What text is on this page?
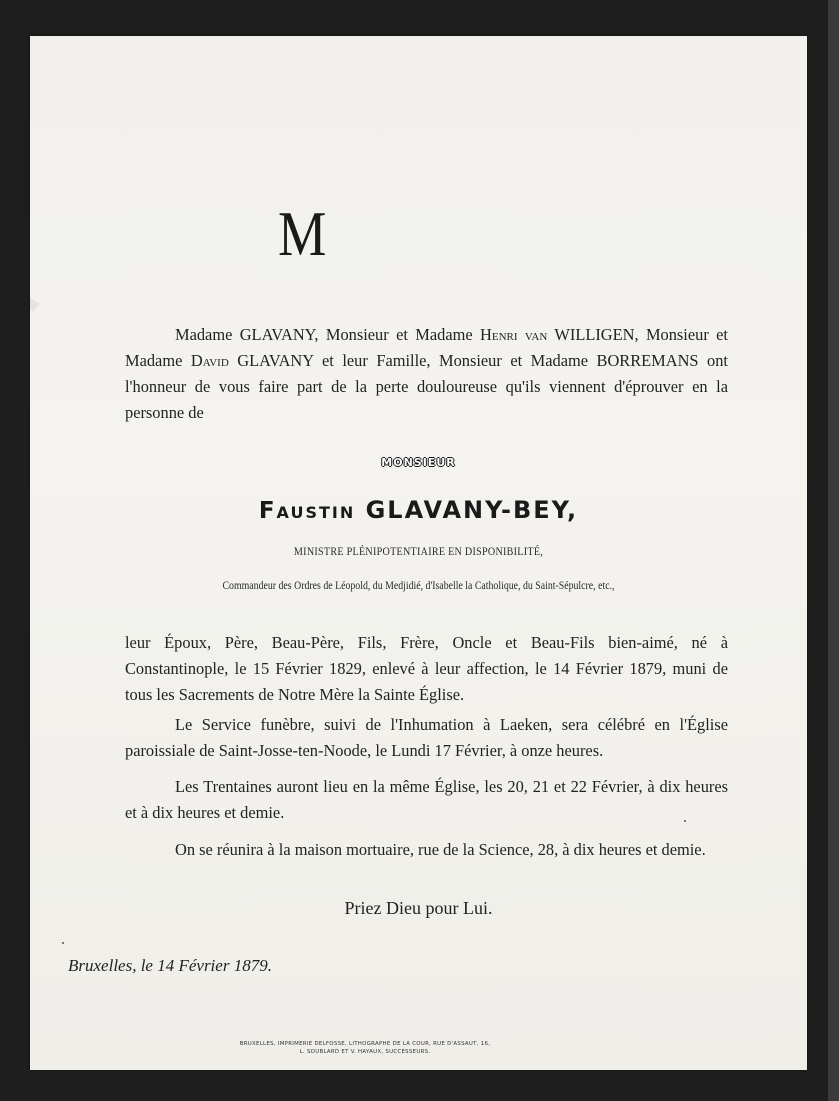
M
Madame GLAVANY, Monsieur et Madame Henri van WILLIGEN, Monsieur et Madame David GLAVANY et leur Famille, Monsieur et Madame BORREMANS ont l'honneur de vous faire part de la perte douloureuse qu'ils viennent d'éprouver en la personne de
MONSIEUR
Faustin GLAVANY-BEY,
MINISTRE PLÉNIPOTENTIAIRE EN DISPONIBILITÉ,
Commandeur des Ordres de Léopold, du Medjidié, d'Isabelle la Catholique, du Saint-Sépulcre, etc.,
leur Époux, Père, Beau-Père, Fils, Frère, Oncle et Beau-Fils bien-aimé, né à Constantinople, le 15 Février 1829, enlevé à leur affection, le 14 Février 1879, muni de tous les Sacrements de Notre Mère la Sainte Église.
Le Service funèbre, suivi de l'Inhumation à Laeken, sera célébré en l'Église paroissiale de Saint-Josse-ten-Noode, le Lundi 17 Février, à onze heures.
Les Trentaines auront lieu en la même Église, les 20, 21 et 22 Février, à dix heures et à dix heures et demie.
On se réunira à la maison mortuaire, rue de la Science, 28, à dix heures et demie.
Priez Dieu pour Lui.
Bruxelles, le 14 Février 1879.
BRUXELLES, IMPRIMERIE DELFOSSE, LITHOGRAPHE DE LA COUR, RUE D'ASSAUT, 16,
L. SOUBLARD ET V. HAYAUX, SUCCESSEURS.
